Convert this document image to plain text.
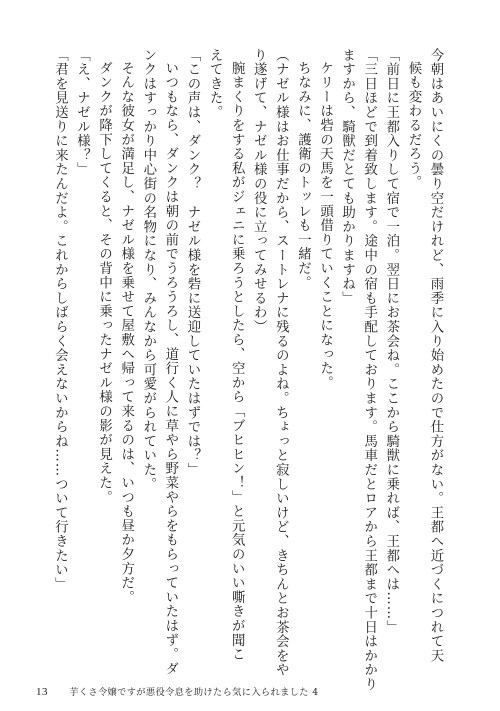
今朝はあいにくの曇り空だけれど、雨季に入り始めたので仕方がない。王都へ近づくにつれて天
候も変わるだろう。
「前日に王都入りして宿で一泊。翌日にお茶会ね。ここから騎獣に乗れば、王都へは……」
「三日ほどで到着致します。途中の宿も手配しております。馬車だとロアから王都まで十日はかかり
ますから、騎獣だとても助かりますね」
ケリーは砦の天馬を一頭借りていくことになった。
ちなみに、護衛のトッレも一緒だ。
（ナゼル様はお仕事だから、スートレナに残るのよね。ちょっと寂しいけど、きちんとお茶会をや
り遂げて、ナゼル様の役に立ってみせるわ）
腕まくりをする私がジェニに乗ろうとしたら、空から「ブヒヒン！」と元気のいい嘶きが聞こ
えてきた。
「この声は、ダンク？　ナゼル様を砦に送迎していたはずでは？」
いつもなら、ダンクは朝の前でうろうろし、道行く人に草やら野菜やらをもらっていたはず。ダ
ンクはすっかり中心街の名物になり、みんなから可愛がられていた。
そんな彼女が満足し、ナゼル様を乗せて屋敷へ帰って来るのは、いつも昼か夕方だ。
ダンクが降下してくると、その背中に乗ったナゼル様の影が見えた。
「え、ナゼル様？」
「君を見送りに来たんだよ。これからしばらく会えないからね……ついて行きたい」
13 芋くさ令嬢ですが悪役令息を助けたら気に入られました 4
